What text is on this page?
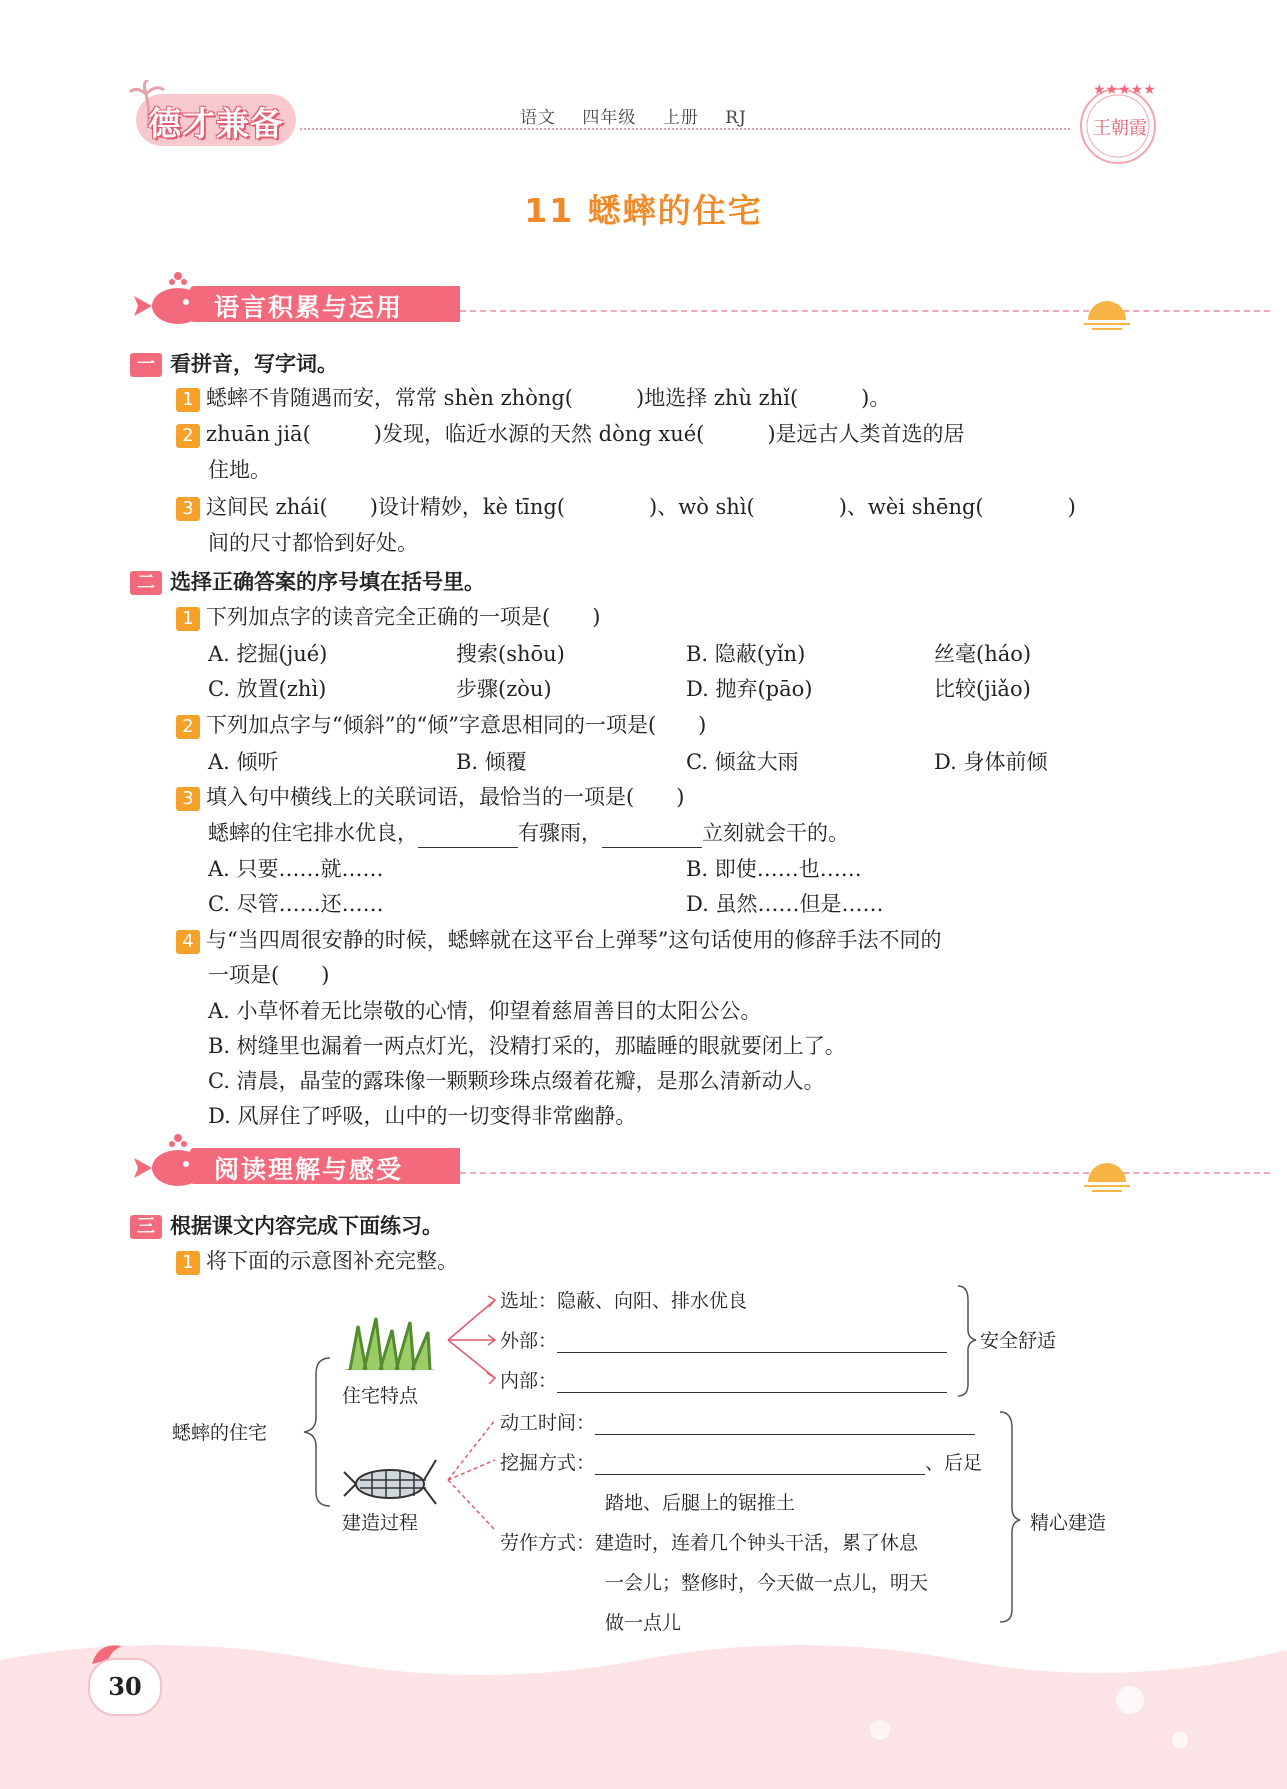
德才兼备	语文 四年级 上册 RJ
★★★★★
王朝霞
11 蟋蟀的住宅
语言积累与运用
一 看拼音，写字词。
1 蟋蟀不肯随遇而安，常常 shèn zhòng(　　　)地选择 zhù zhǐ(　　　)。
2 zhuān jiā(　　　)发现，临近水源的天然 dòng xué(　　　)是远古人类首选的居
住地。
3 这间民 zhái(　　)设计精妙，kè tīng(　　　　)、wò shì(　　　　)、wèi shēng(　　　　)
间的尺寸都恰到好处。
二 选择正确答案的序号填在括号里。
1 下列加点字的读音完全正确的一项是(　　)
A. 挖掘(jué)	搜索(shōu)	B. 隐蔽(yǐn)	丝毫(háo)
C. 放置(zhì)	步骤(zòu)	D. 抛弃(pāo)	比较(jiǎo)
2 下列加点字与“倾斜”的“倾”字意思相同的一项是(　　)
A. 倾听	B. 倾覆	C. 倾盆大雨	D. 身体前倾
3 填入句中横线上的关联词语，最恰当的一项是(　　)
蟋蟀的住宅排水优良，	有骤雨，	立刻就会干的。
A. 只要……就……	B. 即使……也……
C. 尽管……还……	D. 虽然……但是……
4 与“当四周很安静的时候，蟋蟀就在这平台上弹琴”这句话使用的修辞手法不同的
一项是(　　)
A. 小草怀着无比崇敬的心情，仰望着慈眉善目的太阳公公。
B. 树缝里也漏着一两点灯光，没精打采的，那瞌睡的眼就要闭上了。
C. 清晨，晶莹的露珠像一颗颗珍珠点缀着花瓣，是那么清新动人。
D. 风屏住了呼吸，山中的一切变得非常幽静。
阅读理解与感受
三 根据课文内容完成下面练习。
1 将下面的示意图补充完整。
蟋蟀的住宅
住宅特点
建造过程
选址：隐蔽、向阳、排水优良
外部：
内部：
安全舒适
动工时间：
挖掘方式：	、后足
踏地、后腿上的锯推土
劳作方式：建造时，连着几个钟头干活，累了休息
一会儿；整修时，今天做一点儿，明天
做一点儿
精心建造
30
